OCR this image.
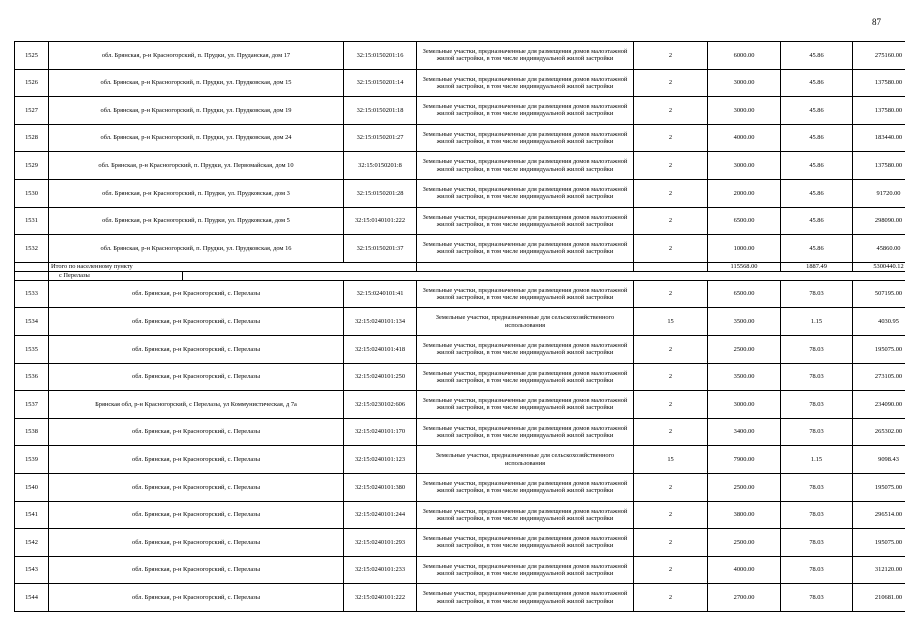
87
1525	обл. Брянская, р-н Красногорский, п. Прудки, ул. Пруданская, дом 17		32:15:0150201:16	Земельные участки, предназначенные для размещения домов малоэтажной жилой застройки, в том числе индивидуальной жилой застройки	2	6000.00	45.86	275160.00
1526	обл. Брянская, р-н Красногорский, п. Прудки, ул. Прудковская, дом 15		32:15:0150201:14	Земельные участки, предназначенные для размещения домов малоэтажной жилой застройки, в том числе индивидуальной жилой застройки	2	3000.00	45.86	137580.00
1527	обл. Брянская, р-н Красногорский, п. Прудки, ул. Прудковская, дом 19		32:15:0150201:18	Земельные участки, предназначенные для размещения домов малоэтажной жилой застройки, в том числе индивидуальной жилой застройки	2	3000.00	45.86	137580.00
1528	обл. Брянская, р-н Красногорский, п. Прудки, ул. Прудковская, дом 24		32:15:0150201:27	Земельные участки, предназначенные для размещения домов малоэтажной жилой застройки, в том числе индивидуальной жилой застройки	2	4000.00	45.86	183440.00
1529	обл. Брянская, р-н Красногорский, п. Прудки, ул. Первомайская, дом 10		32:15:0150201:8	Земельные участки, предназначенные для размещения домов малоэтажной жилой застройки, в том числе индивидуальной жилой застройки	2	3000.00	45.86	137580.00
1530	обл. Брянская, р-н Красногорский, п. Прудки, ул. Прудковская, дом 3		32:15:0150201:28	Земельные участки, предназначенные для размещения домов малоэтажной жилой застройки, в том числе индивидуальной жилой застройки	2	2000.00	45.86	91720.00
1531	обл. Брянская, р-н Красногорский, п. Прудки, ул. Прудковская, дом 5		32:15:0140101:222	Земельные участки, предназначенные для размещения домов малоэтажной жилой застройки, в том числе индивидуальной жилой застройки	2	6500.00	45.86	298090.00
1532	обл. Брянская, р-н Красногорский, п. Прудки, ул. Прудковская, дом 16		32:15:0150201:37	Земельные участки, предназначенные для размещения домов малоэтажной жилой застройки, в том числе индивидуальной жилой застройки	2	1000.00	45.86	45860.00
	Итого по населенному пункту					115568.00	1887.49	5300440.12
	с Перелазы							
1533	обл. Брянская, р-н Красногорский, с. Перелазы		32:15:0240101:41	Земельные участки, предназначенные для размещения домов малоэтажной жилой застройки, в том числе индивидуальной жилой застройки	2	6500.00	78.03	507195.00
1534	обл. Брянская, р-н Красногорский, с. Перелазы		32:15:0240101:134	Земельные участки, предназначенные для сельскохозяйственного использования	15	3500.00	1.15	4030.95
1535	обл. Брянская, р-н Красногорский, с. Перелазы		32:15:0240101:418	Земельные участки, предназначенные для размещения домов малоэтажной жилой застройки, в том числе индивидуальной жилой застройки	2	2500.00	78.03	195075.00
1536	обл. Брянская, р-н Красногорский, с. Перелазы		32:15:0240101:250	Земельные участки, предназначенные для размещения домов малоэтажной жилой застройки, в том числе индивидуальной жилой застройки	2	3500.00	78.03	273105.00
1537	Брянская обл, р-н Красногорский, с Перелазы, ул Коммунистическая, д 7а		32:15:0230102:606	Земельные участки, предназначенные для размещения домов малоэтажной жилой застройки, в том числе индивидуальной жилой застройки	2	3000.00	78.03	234090.00
1538	обл. Брянская, р-н Красногорский, с. Перелазы		32:15:0240101:170	Земельные участки, предназначенные для размещения домов малоэтажной жилой застройки, в том числе индивидуальной жилой застройки	2	3400.00	78.03	265302.00
1539	обл. Брянская, р-н Красногорский, с. Перелазы		32:15:0240101:123	Земельные участки, предназначенные для сельскохозяйственного использования	15	7900.00	1.15	9098.43
1540	обл. Брянская, р-н Красногорский, с. Перелазы		32:15:0240101:380	Земельные участки, предназначенные для размещения домов малоэтажной жилой застройки, в том числе индивидуальной жилой застройки	2	2500.00	78.03	195075.00
1541	обл. Брянская, р-н Красногорский, с. Перелазы		32:15:0240101:244	Земельные участки, предназначенные для размещения домов малоэтажной жилой застройки, в том числе индивидуальной жилой застройки	2	3800.00	78.03	296514.00
1542	обл. Брянская, р-н Красногорский, с. Перелазы		32:15:0240101:293	Земельные участки, предназначенные для размещения домов малоэтажной жилой застройки, в том числе индивидуальной жилой застройки	2	2500.00	78.03	195075.00
1543	обл. Брянская, р-н Красногорский, с. Перелазы		32:15:0240101:233	Земельные участки, предназначенные для размещения домов малоэтажной жилой застройки, в том числе индивидуальной жилой застройки	2	4000.00	78.03	312120.00
1544	обл. Брянская, р-н Красногорский, с. Перелазы		32:15:0240101:222	Земельные участки, предназначенные для размещения домов малоэтажной жилой застройки, в том числе индивидуальной жилой застройки	2	2700.00	78.03	210681.00
